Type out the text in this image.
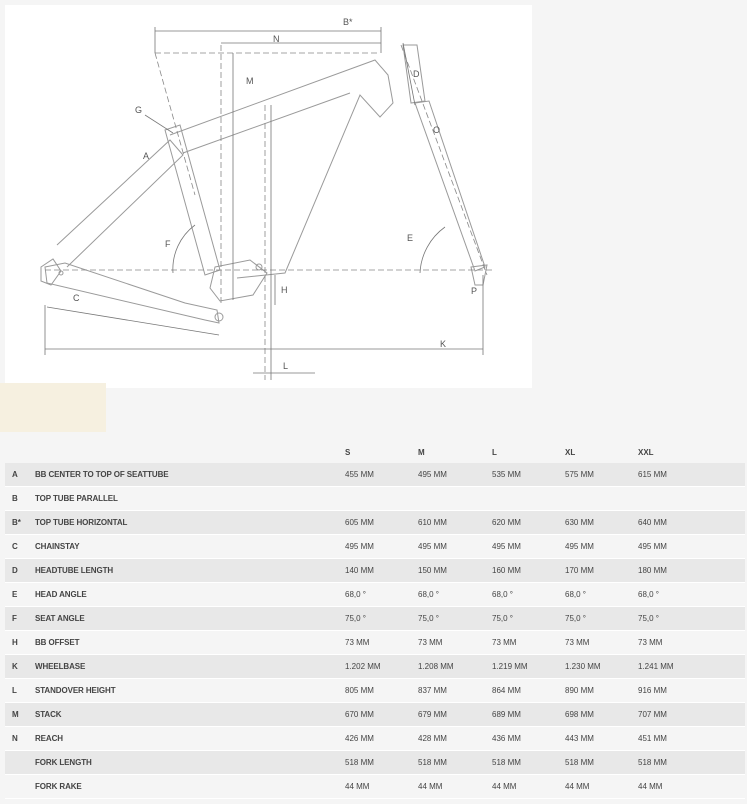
B*
N
M
G
A
D
O
E
F
H	P
C
K
L
		S	M	L	XL	XXL
A	BB CENTER TO TOP OF SEATTUBE	455 MM	495 MM	535 MM	575 MM	615 MM
B	TOP TUBE PARALLEL					
B*	TOP TUBE HORIZONTAL	605 MM	610 MM	620 MM	630 MM	640 MM
C	CHAINSTAY	495 MM	495 MM	495 MM	495 MM	495 MM
D	HEADTUBE LENGTH	140 MM	150 MM	160 MM	170 MM	180 MM
E	HEAD ANGLE	68,0 °	68,0 °	68,0 °	68,0 °	68,0 °
F	SEAT ANGLE	75,0 °	75,0 °	75,0 °	75,0 °	75,0 °
H	BB OFFSET	73 MM	73 MM	73 MM	73 MM	73 MM
K	WHEELBASE	1.202 MM	1.208 MM	1.219 MM	1.230 MM	1.241 MM
L	STANDOVER HEIGHT	805 MM	837 MM	864 MM	890 MM	916 MM
M	STACK	670 MM	679 MM	689 MM	698 MM	707 MM
N	REACH	426 MM	428 MM	436 MM	443 MM	451 MM
	FORK LENGTH	518 MM	518 MM	518 MM	518 MM	518 MM
	FORK RAKE	44 MM	44 MM	44 MM	44 MM	44 MM
